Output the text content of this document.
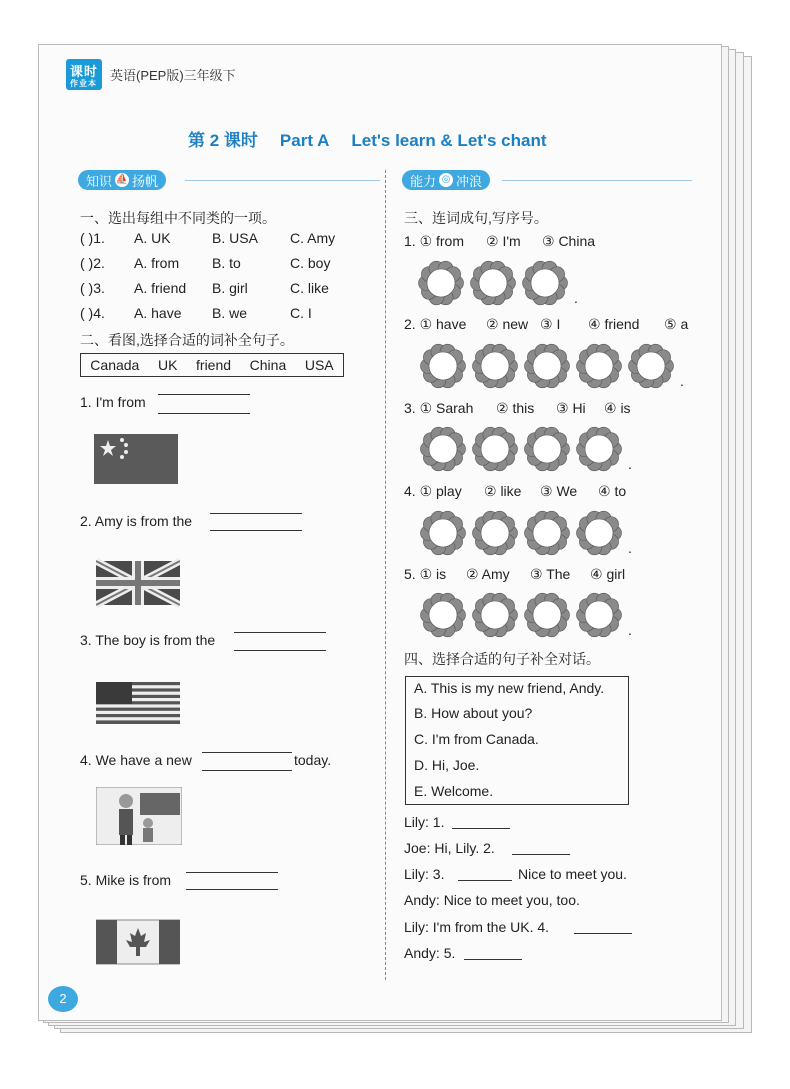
课时
作业本
英语(PEP版)三年级下
第 2 课时 Part A Let's learn & Let's chant
知识 ⛵ 扬帆
一、选出每组中不同类的一项。
( )1. A. UK	B. USA C. Amy
( )2. A. from B. to	C. boy
( )3. A. friend B. girl	C. like
( )4. A. have B. we	C. I
二、看图,选择合适的词补全句子。
Canada UK friend China USA
1. I'm from
2. Amy is from the
3. The boy is from the
4. We have a new	today.
5. Mike is from
能力 ◎ 冲浪
三、连词成句,写序号。
1. ① from ② I'm ③ China
.
2. ① have ② new ③ I ④ friend ⑤ a
.
3. ① Sarah ② this ③ Hi ④ is
.
4. ① play ② like ③ We ④ to
.
5. ① is ② Amy ③ The ④ girl
.
四、选择合适的句子补全对话。
A. This is my new friend, Andy.
B. How about you?
C. I'm from Canada.
D. Hi, Joe.
E. Welcome.
Lily: 1.
Joe: Hi, Lily. 2.
Lily: 3.	Nice to meet you.
Andy: Nice to meet you, too.
Lily: I'm from the UK. 4.
Andy: 5.
2
